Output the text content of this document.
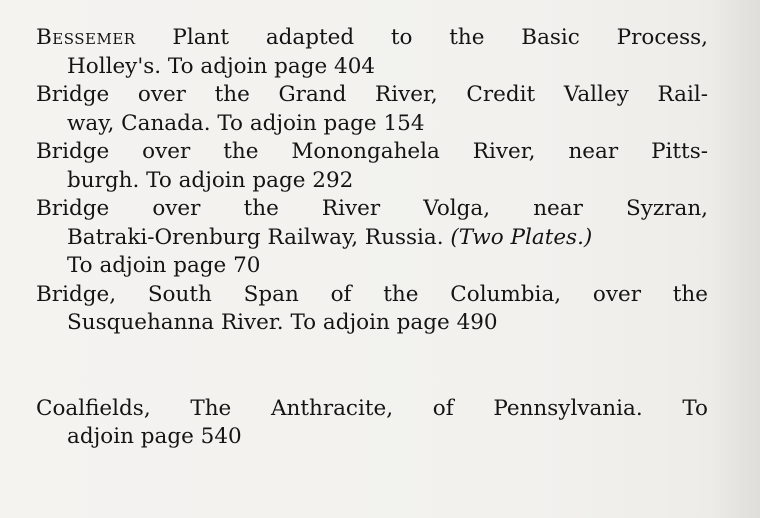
Bessemer Plant adapted to the Basic Process,

Holley's. To adjoin page 404

Bridge over the Grand River, Credit Valley Rail-

way, Canada. To adjoin page 154

Bridge over the Monongahela River, near Pitts-

burgh. To adjoin page 292

Bridge over the River Volga, near Syzran,

Batraki-Orenburg Railway, Russia. (Two Plates.)

To adjoin page 70

Bridge, South Span of the Columbia, over the

Susquehanna River. To adjoin page 490

Coalfields, The Anthracite, of Pennsylvania. To

adjoin page 540
